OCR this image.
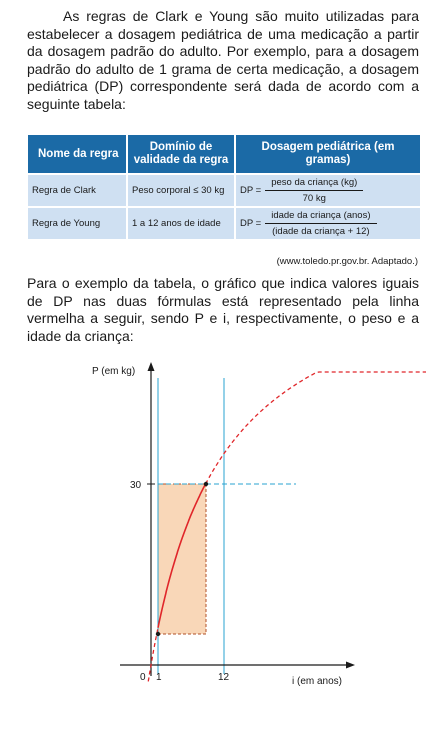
As regras de Clark e Young são muito utilizadas para estabelecer a dosagem pediátrica de uma medicação a partir da dosagem padrão do adulto. Por exemplo, para a dosagem padrão do adulto de 1 grama de certa medicação, a dosagem pediátrica (DP) correspondente será dada de acordo com a seguinte tabela:

Nome da regra	Domínio de validade da regra	Dosagem pediátrica (em gramas)
Regra de Clark	Peso corporal ≤ 30 kg	DP = $\frac{\text{peso da criança (kg)}}{70 kg}$

Regra de Young	1 a 12 anos de idade	DP = $\frac{\text{idade da criança (anos)}}{\text{(idade da criança + 12)}}$
(www.toledo.pr.gov.br. Adaptado.)

Para o exemplo da tabela, o gráfico que indica valores iguais de DP nas duas fórmulas está representado pela linha vermelha a seguir, sendo P e i, respectivamente, o peso e a idade da criança:

P (em kg)
30
0 1	12	i (em anos)
